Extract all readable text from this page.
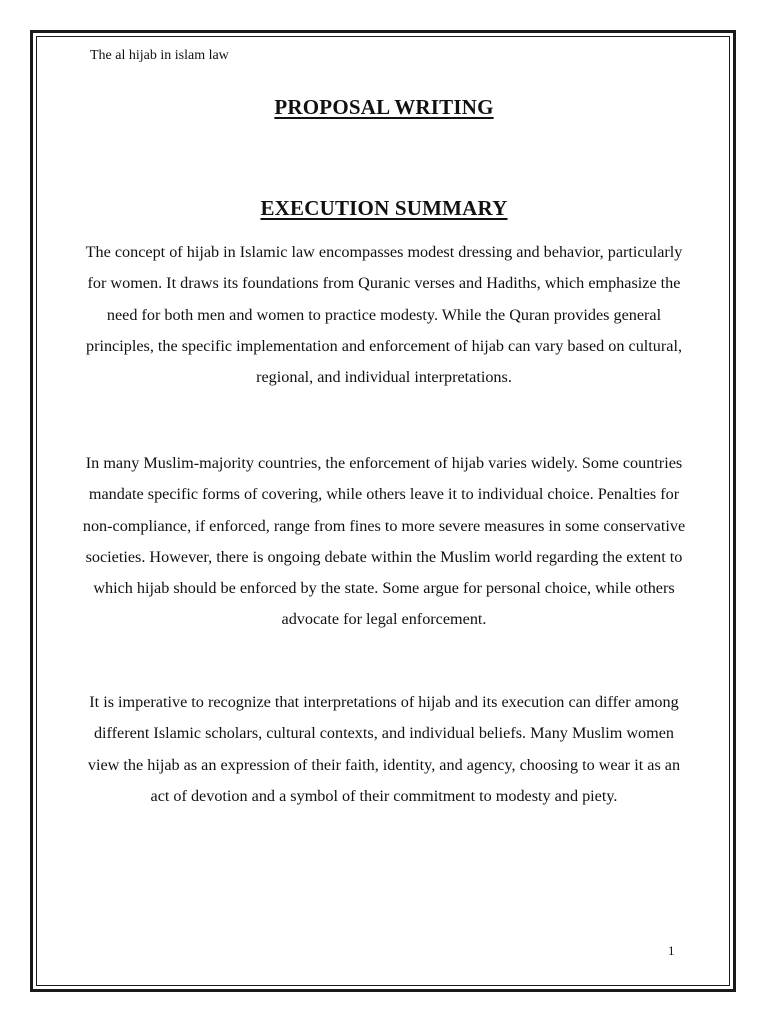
The al hijab in islam law
PROPOSAL WRITING
EXECUTION SUMMARY

The concept of hijab in Islamic law encompasses modest dressing and behavior, particularly for women. It draws its foundations from Quranic verses and Hadiths, which emphasize the need for both men and women to practice modesty. While the Quran provides general principles, the specific implementation and enforcement of hijab can vary based on cultural, regional, and individual interpretations.

In many Muslim-majority countries, the enforcement of hijab varies widely. Some countries mandate specific forms of covering, while others leave it to individual choice. Penalties for non-compliance, if enforced, range from fines to more severe measures in some conservative societies. However, there is ongoing debate within the Muslim world regarding the extent to which hijab should be enforced by the state. Some argue for personal choice, while others advocate for legal enforcement.

It is imperative to recognize that interpretations of hijab and its execution can differ among different Islamic scholars, cultural contexts, and individual beliefs. Many Muslim women view the hijab as an expression of their faith, identity, and agency, choosing to wear it as an act of devotion and a symbol of their commitment to modesty and piety.

1
